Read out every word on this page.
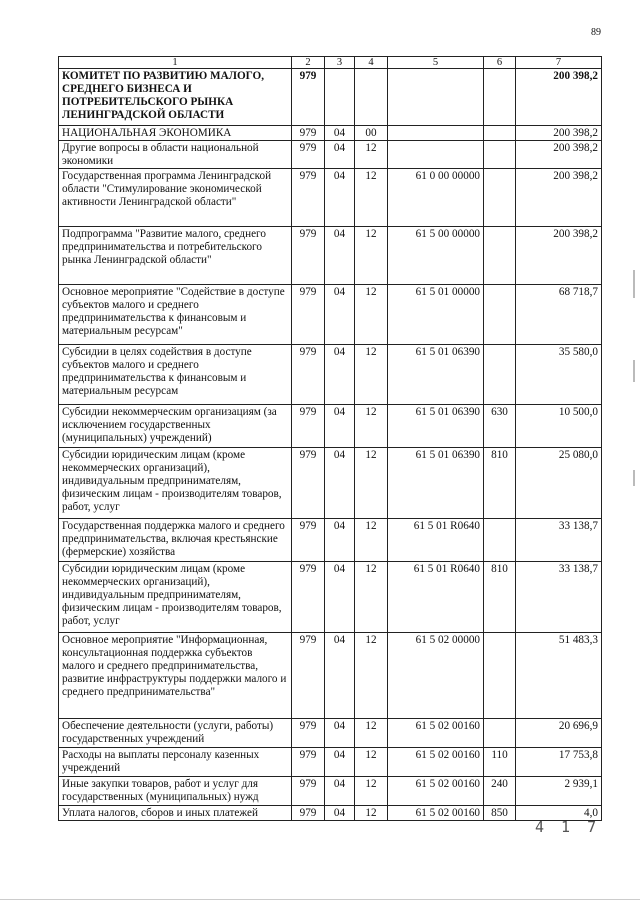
89
1	2	3	4	5	6	7
КОМИТЕТ ПО РАЗВИТИЮ МАЛОГО, СРЕДНЕГО БИЗНЕСА И ПОТРЕБИТЕЛЬСКОГО РЫНКА ЛЕНИНГРАДСКОЙ ОБЛАСТИ	979					200 398,2
НАЦИОНАЛЬНАЯ ЭКОНОМИКА	979	04	00			200 398,2
Другие вопросы в области национальной экономики	979	04	12			200 398,2
Государственная программа Ленинградской области "Стимулирование экономической активности Ленинградской области"	979	04	12	61 0 00 00000		200 398,2
Подпрограмма "Развитие малого, среднего предпринимательства и потребительского рынка Ленинградской области"	979	04	12	61 5 00 00000		200 398,2
Основное мероприятие "Содействие в доступе субъектов малого и среднего предпринимательства к финансовым и материальным ресурсам"	979	04	12	61 5 01 00000		68 718,7
Субсидии в целях содействия в доступе субъектов малого и среднего предпринимательства к финансовым и материальным ресурсам	979	04	12	61 5 01 06390		35 580,0
Субсидии некоммерческим организациям (за исключением государственных (муниципальных) учреждений)	979	04	12	61 5 01 06390	630	10 500,0
Субсидии юридическим лицам (кроме некоммерческих организаций), индивидуальным предпринимателям, физическим лицам - производителям товаров, работ, услуг	979	04	12	61 5 01 06390	810	25 080,0
Государственная поддержка малого и среднего предпринимательства, включая крестьянские (фермерские) хозяйства	979	04	12	61 5 01 R0640		33 138,7
Субсидии юридическим лицам (кроме некоммерческих организаций), индивидуальным предпринимателям, физическим лицам - производителям товаров, работ, услуг	979	04	12	61 5 01 R0640	810	33 138,7
Основное мероприятие "Информационная, консультационная поддержка субъектов малого и среднего предпринимательства, развитие инфраструктуры поддержки малого и среднего предпринимательства"	979	04	12	61 5 02 00000		51 483,3
Обеспечение деятельности (услуги, работы) государственных учреждений	979	04	12	61 5 02 00160		20 696,9
Расходы на выплаты персоналу казенных учреждений	979	04	12	61 5 02 00160	110	17 753,8
Иные закупки товаров, работ и услуг для государственных (муниципальных) нужд	979	04	12	61 5 02 00160	240	2 939,1
Уплата налогов, сборов и иных платежей	979	04	12	61 5 02 00160	850	4,0
4 1 7
